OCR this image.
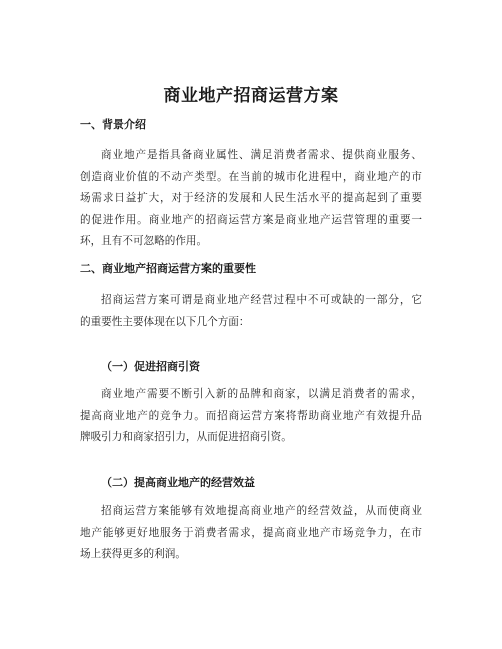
商业地产招商运营方案
一、背景介绍
商业地产是指具备商业属性、满足消费者需求、提供商业服务、
创造商业价值的不动产类型。在当前的城市化进程中，商业地产的市
场需求日益扩大，对于经济的发展和人民生活水平的提高起到了重要
的促进作用。商业地产的招商运营方案是商业地产运营管理的重要一
环，且有不可忽略的作用。
二、商业地产招商运营方案的重要性
招商运营方案可谓是商业地产经营过程中不可或缺的一部分，它
的重要性主要体现在以下几个方面：
（一）促进招商引资
商业地产需要不断引入新的品牌和商家，以满足消费者的需求，
提高商业地产的竞争力。而招商运营方案将帮助商业地产有效提升品
牌吸引力和商家招引力，从而促进招商引资。
（二）提高商业地产的经营效益
招商运营方案能够有效地提高商业地产的经营效益，从而使商业
地产能够更好地服务于消费者需求，提高商业地产市场竞争力，在市
场上获得更多的利润。
